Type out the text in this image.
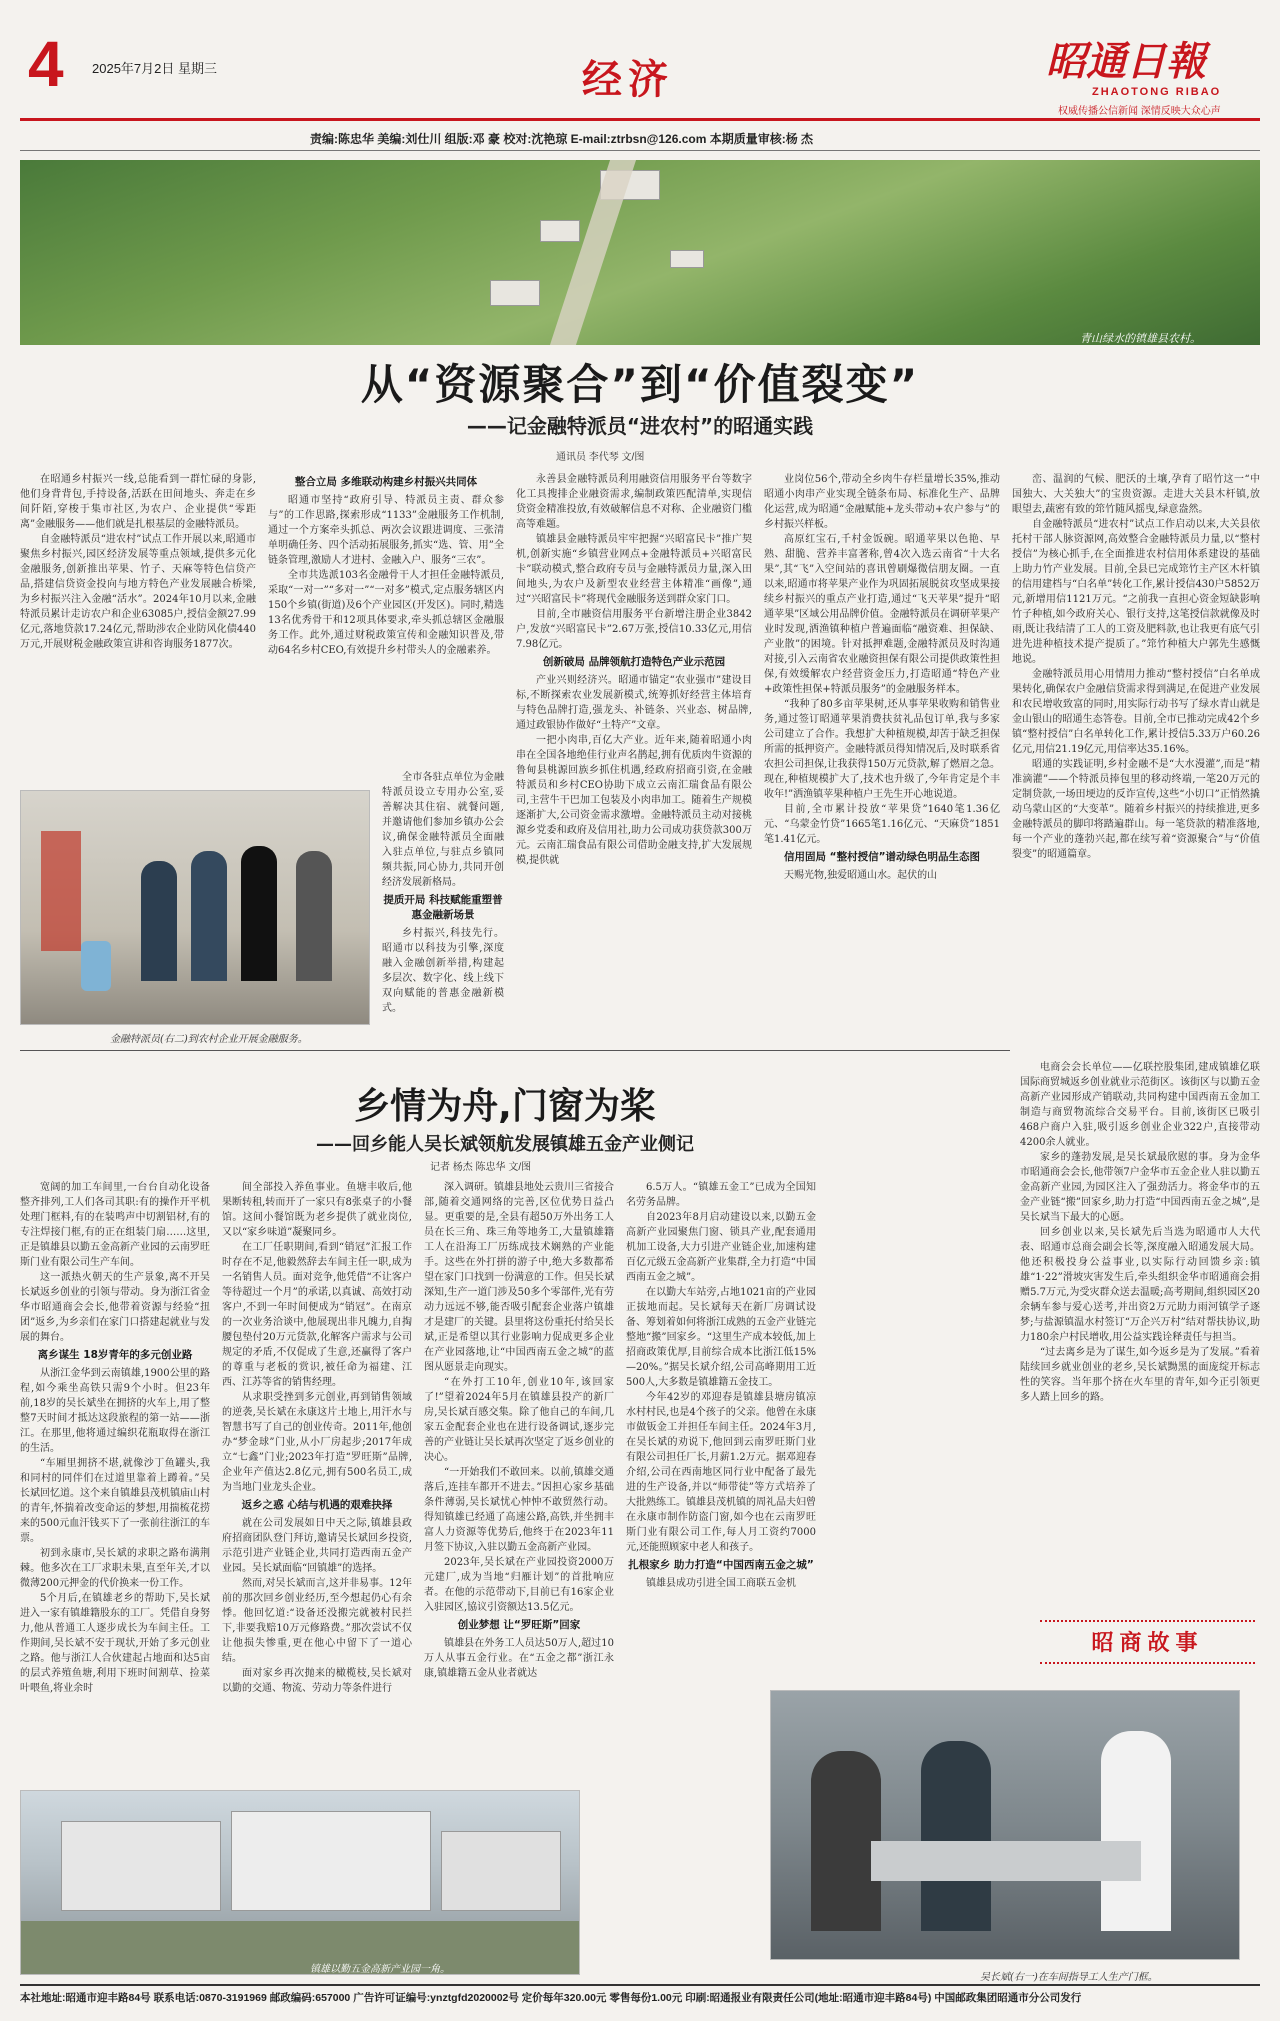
4 2025年7月2日 星期三	经济	昭通日報
ZHAOTONG RIBAO
权威传播公信新闻 深情反映大众心声
责编:陈忠华 美编:刘仕川 组版:邓 豪 校对:沈艳琼 E-mail:ztrbsn@126.com 本期质量审核:杨 杰
青山绿水的镇雄县农村。
从“资源聚合”到“价值裂变”
——记金融特派员“进农村”的昭通实践
通讯员 李代琴 文/图

在昭通乡村振兴一线,总能看到一群忙碌的身影,他们身背背包,手持设备,活跃在田间地头、奔走在乡间阡陌,穿梭于集市社区,为农户、企业提供“零距离”金融服务——他们就是扎根基层的金融特派员。

自金融特派员“进农村”试点工作开展以来,昭通市聚焦乡村振兴,园区经济发展等重点领域,提供多元化金融服务,创新推出苹果、竹子、天麻等特色信贷产品,搭建信贷资金投向与地方特色产业发展融合桥梁,为乡村振兴注入金融“活水”。2024年10月以来,金融特派员累计走访农户和企业63085户,授信金额27.99亿元,落地贷款17.24亿元,帮助涉农企业防风化债440万元,开展财税金融政策宣讲和咨询服务1877次。

金融特派员(右二)到农村企业开展金融服务。
整合立局 多维联动构建乡村振兴共同体

昭通市坚持“政府引导、特派员主责、群众参与”的工作思路,探索形成“1133”金融服务工作机制,通过一个方案牵头抓总、两次会议跟进调度、三张清单明确任务、四个活动拓展服务,抓实“选、管、用”全链条管理,激励人才进村、金融入户、服务“三农”。

全市共选派103名金融骨干人才担任金融特派员,采取“一对一”“多对一”“一对多”模式,定点服务辖区内150个乡镇(街道)及6个产业园区(开发区)。同时,精选13名优秀骨干和12项具体要求,牵头抓总辖区金融服务工作。此外,通过财税政策宣传和金融知识普及,带动64名乡村CEO,有效提升乡村带头人的金融素养。

全市各驻点单位为金融特派员设立专用办公室,妥善解决其住宿、就餐问题,并邀请他们参加乡镇办公会议,确保金融特派员全面融入驻点单位,与驻点乡镇同频共振,同心协力,共同开创经济发展新格局。

提质开局 科技赋能重塑普惠金融新场景

乡村振兴,科技先行。昭通市以科技为引擎,深度融入金融创新举措,构建起多层次、数字化、线上线下双向赋能的普惠金融新模式。

永善县金融特派员利用融资信用服务平台等数字化工具搜排企业融资需求,编制政策匹配清单,实现信贷资金精准投放,有效破解信息不对称、企业融资门槛高等难题。

镇雄县金融特派员牢牢把握“兴昭富民卡”推广契机,创新实施“乡镇营业网点+金融特派员+兴昭富民卡”联动模式,整合政府专员与金融特派员力量,深入田间地头,为农户及新型农业经营主体精准“画像”,通过“兴昭富民卡”将现代金融服务送到群众家门口。

目前,全市融资信用服务平台新增注册企业3842户,发放“兴昭富民卡”2.67万张,授信10.33亿元,用信7.98亿元。

创新破局 品牌领航打造特色产业示范园

产业兴则经济兴。昭通市锚定“农业强市”建设目标,不断探索农业发展新模式,统筹抓好经营主体培育与特色品牌打造,强龙头、补链条、兴业态、树品牌,通过政银协作做好“土特产”文章。

一把小肉串,百亿大产业。近年来,随着昭通小肉串在全国各地绝佳行业声名鹊起,拥有优质肉牛资源的鲁甸县桃源回族乡抓住机遇,经政府招商引资,在金融特派员和乡村CEO协助下成立云南汇瑞食品有限公司,主营牛干巴加工包装及小肉串加工。随着生产规模逐渐扩大,公司资金需求激增。金融特派员主动对接桃源乡党委和政府及信用社,助力公司成功获贷款300万元。云南汇瑞食品有限公司借助金融支持,扩大发展规模,提供就

业岗位56个,带动全乡肉牛存栏量增长35%,推动昭通小肉串产业实现全链条布局、标准化生产、品牌化运营,成为昭通“金融赋能+龙头带动+农户参与”的乡村振兴样板。

高原红宝石,千村金饭碗。昭通苹果以色艳、早熟、甜脆、营养丰富著称,曾4次入选云南省“十大名果”,其“飞”入空间站的喜讯曾刷爆微信朋友圈。一直以来,昭通市将苹果产业作为巩固拓展脱贫攻坚成果接续乡村振兴的重点产业打造,通过“飞天苹果”提升“昭通苹果”区域公用品牌价值。金融特派员在调研苹果产业时发现,洒渔镇种植户普遍面临“融资难、担保缺、产业散”的困境。针对抵押难题,金融特派员及时沟通对接,引入云南省农业融资担保有限公司提供政策性担保,有效缓解农户经营资金压力,打造昭通“特色产业+政策性担保+特派员服务”的金融服务样本。

“我种了80多亩苹果树,还从事苹果收购和销售业务,通过签订昭通苹果消费扶贫礼品包订单,我与多家公司建立了合作。我想扩大种植规模,却苦于缺乏担保所需的抵押资产。金融特派员得知情况后,及时联系省农担公司担保,让我获得150万元贷款,解了燃眉之急。现在,种植规模扩大了,技术也升级了,今年肯定是个丰收年!”洒渔镇苹果种植户王先生开心地说道。

目前,全市累计投放“苹果贷”1640笔1.36亿元、“乌蒙金竹贷”1665笔1.16亿元、“天麻贷”1851笔1.41亿元。

信用固局 “整村授信”谱动绿色明品生态图

天赐光物,独爱昭通山水。起伏的山

峦、温润的气候、肥沃的土壤,孕育了昭竹这一“中国独大、大关独大”的宝贵资源。走进大关县木杆镇,放眼望去,蔬密有致的筇竹随风摇曳,绿意盎然。

自金融特派员“进农村”试点工作启动以来,大关县依托村干部人脉资源网,高效整合金融特派员力量,以“整村授信”为核心抓手,在全面推进农村信用体系建设的基础上助力竹产业发展。目前,全县已完成筇竹主产区木杆镇的信用建档与“白名单”转化工作,累计授信430户5852万元,新增用信1121万元。“之前我一直担心资金短缺影响竹子种植,如今政府关心、银行支持,这笔授信款就像及时雨,既让我结清了工人的工资及肥料款,也让我更有底气引进先进种植技术提产提质了。”筇竹种植大户郭先生感慨地说。

金融特派员用心用情用力推动“整村授信”白名单成果转化,确保农户金融信贷需求得到满足,在促进产业发展和农民增收致富的同时,用实际行动书写了绿水青山就是金山银山的昭通生态答卷。目前,全市已推动完成42个乡镇“整村授信”白名单转化工作,累计授信5.33万户60.26亿元,用信21.19亿元,用信率达35.16%。

昭通的实践证明,乡村金融不是“大水漫灌”,而是“精准滴灌”——个特派员捧包里的移动终端,一笔20万元的定制贷款,一场田埂边的反诈宣传,这些“小切口”正悄然撬动乌蒙山区的“大变革”。随着乡村振兴的持续推进,更多金融特派员的脚印将踏遍群山。每一笔贷款的精准落地,每一个产业的蓬勃兴起,都在续写着“资源聚合”与“价值裂变”的昭通篇章。

乡情为舟,门窗为桨
——回乡能人吴长斌领航发展镇雄五金产业侧记
记者 杨杰 陈忠华 文/图

宽阔的加工车间里,一台台自动化设备整齐排列,工人们各司其职:有的操作开平机处理门框料,有的在装鸣声中切割铝材,有的专注焊接门框,有的正在组装门扇……这里,正是镇雄县以勤五金高新产业园的云南罗旺斯门业有限公司生产车间。

这一派热火朝天的生产景象,离不开吴长斌返乡创业的引领与带动。身为浙江省金华市昭通商会会长,他带着资源与经验“扭团”返乡,为乡亲们在家门口搭建起就业与发展的舞台。

离乡谋生 18岁青年的多元创业路

从浙江金华到云南镇雄,1900公里的路程,如今乘坐高铁只需9个小时。但23年前,18岁的吴长斌坐在拥挤的火车上,用了整整7天时间才抵达这段旅程的第一站——浙江。在那里,他将通过编织花瓶取得在浙江的生活。

“车厢里拥挤不堪,就像沙丁鱼罐头,我和同村的同伴们在过道里靠着上蹲着。”吴长斌回忆道。这个来自镇雄县茂机镇庙山村的青年,怀揣着改变命运的梦想,用揣梳花捞来的500元血汗钱买下了一张前往浙江的车票。

初到永康市,吴长斌的求职之路布满荆棘。他多次在工厂求职未果,直至年关,才以微薄200元押金的代价换来一份工作。

5个月后,在镇雄老乡的帮助下,吴长斌进入一家有镇雄籍股东的工厂。凭借自身努力,他从普通工人逐步成长为车间主任。工作期间,吴长斌不安于现状,开始了多元创业之路。他与浙江人合伙建起占地面和达5亩的层式养殖鱼塘,利用下班时间割草、捡菜叶喂鱼,将业余时

间全部投入养鱼事业。鱼塘丰收后,他果断转租,转而开了一家只有8张桌子的小餐馆。这间小餐馆既为老乡提供了就业岗位,又以“家乡味道”凝聚同乡。

在工厂任职期间,看到“销冠”汇报工作时存在不足,他毅然辞去车间主任一职,成为一名销售人员。面对竞争,他凭借“不让客户等待超过一个月”的承诺,以真诚、高效打动客户,不到一年时间便成为“销冠”。在南京的一次业务洽谈中,他展现出非凡魄力,自掏腰包垫付20万元货款,化解客户需求与公司规定的矛盾,不仅促成了生意,还赢得了客户的尊重与老板的赏识,被任命为福建、江西、江苏等省的销售经理。

从求职受挫到多元创业,再到销售领域的逆袭,吴长斌在永康这片土地上,用汗水与智慧书写了自己的创业传奇。2011年,他创办“梦金球”门业,从小厂房起步;2017年成立“七鑫”门业;2023年打造“罗旺斯”品牌,企业年产值达2.8亿元,拥有500名员工,成为当地门业龙头企业。

返乡之惑 心结与机遇的艰难抉择

就在公司发展如日中天之际,镇雄县政府招商团队登门拜访,邀请吴长斌回乡投资,示范引进产业链企业,共同打造西南五金产业园。吴长斌面临“回镇雄”的选择。

然而,对吴长斌而言,这并非易事。12年前的那次回乡创业经历,至今想起仍心有余悸。他回忆道:“设备还没搬完就被村民拦下,非要我赔10万元修路费。”那次尝试不仅让他损失惨重,更在他心中留下了一道心结。

面对家乡再次抛来的橄榄枝,吴长斌对以勤的交通、物流、劳动力等条件进行

深入调研。镇雄县地处云贵川三省接合部,随着交通网络的完善,区位优势日益凸显。更重要的是,全县有超50万外出务工人员在长三角、珠三角等地务工,大量镇雄籍工人在沿海工厂历练成技术娴熟的产业能手。这些在外打拼的游子中,绝大多数都希望在家门口找到一份满意的工作。但吴长斌深知,生产一道门涉及50多个零部件,光有劳动力远远不够,能否吸引配套企业落户镇雄才是建厂的关键。县里将这份重托付给吴长斌,正是希望以其行业影响力促成更多企业在产业园落地,让“中国西南五金之城”的蓝图从愿景走向现实。

“在外打工10年,创业10年,该回家了!”望着2024年5月在镇雄县投产的新厂房,吴长斌百感交集。除了他自己的车间,几家五金配套企业也在进行设备调试,逐步完善的产业链让吴长斌再次坚定了返乡创业的决心。

“一开始我们不敢回来。以前,镇雄交通落后,连挂车都开不进去。”因担心家乡基础条件薄弱,吴长斌忧心忡忡不敢贸然行动。得知镇雄已经通了高速公路,高铁,并坐拥丰富人力资源等优势后,他终于在2023年11月签下协议,入驻以勤五金高新产业园。

2023年,吴长斌在产业园投资2000万元建厂,成为当地“归雁计划”的首批响应者。在他的示范带动下,目前已有16家企业入驻园区,協议引资额达13.5亿元。

创业梦想 让“罗旺斯”回家

镇雄县在外务工人员达50万人,超过10万人从事五金行业。在“五金之都”浙江永康,镇雄籍五金从业者就达

6.5万人。“镇雄五金工”已成为全国知名劳务品牌。

自2023年8月启动建设以来,以勤五金高新产业园聚焦门窗、锁具产业,配套通用机加工设备,大力引进产业链企业,加速构建百亿元级五金高新产业集群,全力打造“中国西南五金之城”。

在以勤大车站旁,占地1021亩的产业园正拔地而起。吴长斌每天在新厂房调试设备、筹划着如何将浙江成熟的五金产业链完整地“搬”回家乡。“这里生产成本较低,加上招商政策优厚,目前综合成本比浙江低15%—20%。”据吴长斌介绍,公司高峰期用工近500人,大多数是镇雄籍五金技工。

今年42岁的邓迎春是镇雄县塘房镇凉水村村民,也是4个孩子的父亲。他曾在永康市做钣金工并担任车间主任。2024年3月,在吴长斌的劝说下,他回到云南罗旺斯门业有限公司担任厂长,月薪1.2万元。据邓迎春介绍,公司在西南地区同行业中配备了最先进的生产设备,并以“师带徒”等方式培养了大批熟练工。镇雄县茂机镇的周礼品夫妇曾在永康市制作防盗门窗,如今也在云南罗旺斯门业有限公司工作,每人月工资约7000元,还能照顾家中老人和孩子。

扎根家乡 助力打造“中国西南五金之城”

镇雄县成功引进全国工商联五金机

电商会会长单位——亿联控股集团,建成镇雄亿联国际商贸城返乡创业就业示范街区。该街区与以勤五金高新产业园形成产销联动,共同构建中国西南五金加工制造与商贸物流综合交易平台。目前,该街区已吸引468户商户入驻,吸引返乡创业企业322户,直接带动4200余人就业。

家乡的蓬勃发展,是吴长斌最欣慰的事。身为金华市昭通商会会长,他带领7户金华市五金企业人驻以勤五金高新产业园,为园区注入了强劲活力。将金华市的五金产业链“搬”回家乡,助力打造“中国西南五金之城”,是吴长斌当下最大的心愿。

回乡创业以来,吴长斌先后当选为昭通市人大代表、昭通市总商会副会长等,深度融入昭通发展大局。他还积极投身公益事业,以实际行动回馈乡亲:镇雄“1·22”滑坡灾害发生后,牵头组织金华市昭通商会捐赠5.7万元,为受灾群众送去温暖;高考期间,组织园区20余辆车参与爱心送考,并出资2万元助力雨河镇学子逐梦;与盐源镇温水村签订“万企兴万村”结对帮扶协议,助力180余户村民增收,用公益实践诠释责任与担当。

“过去离乡是为了谋生,如今返乡是为了发展。”看着陆续回乡就业创业的老乡,吴长斌黝黑的面庞绽开标志性的笑容。当年那个挤在火车里的青年,如今正引领更多人踏上回乡的路。

昭商故事
镇雄以勤五金高新产业园一角。
吴长斌(右一)在车间指导工人生产门框。
本社地址:昭通市迎丰路84号 联系电话:0870-3191969 邮政编码:657000 广告许可证编号:ynztgfd2020002号 定价每年320.00元 零售每份1.00元 印刷:昭通报业有限责任公司(地址:昭通市迎丰路84号) 中国邮政集团昭通市分公司发行
